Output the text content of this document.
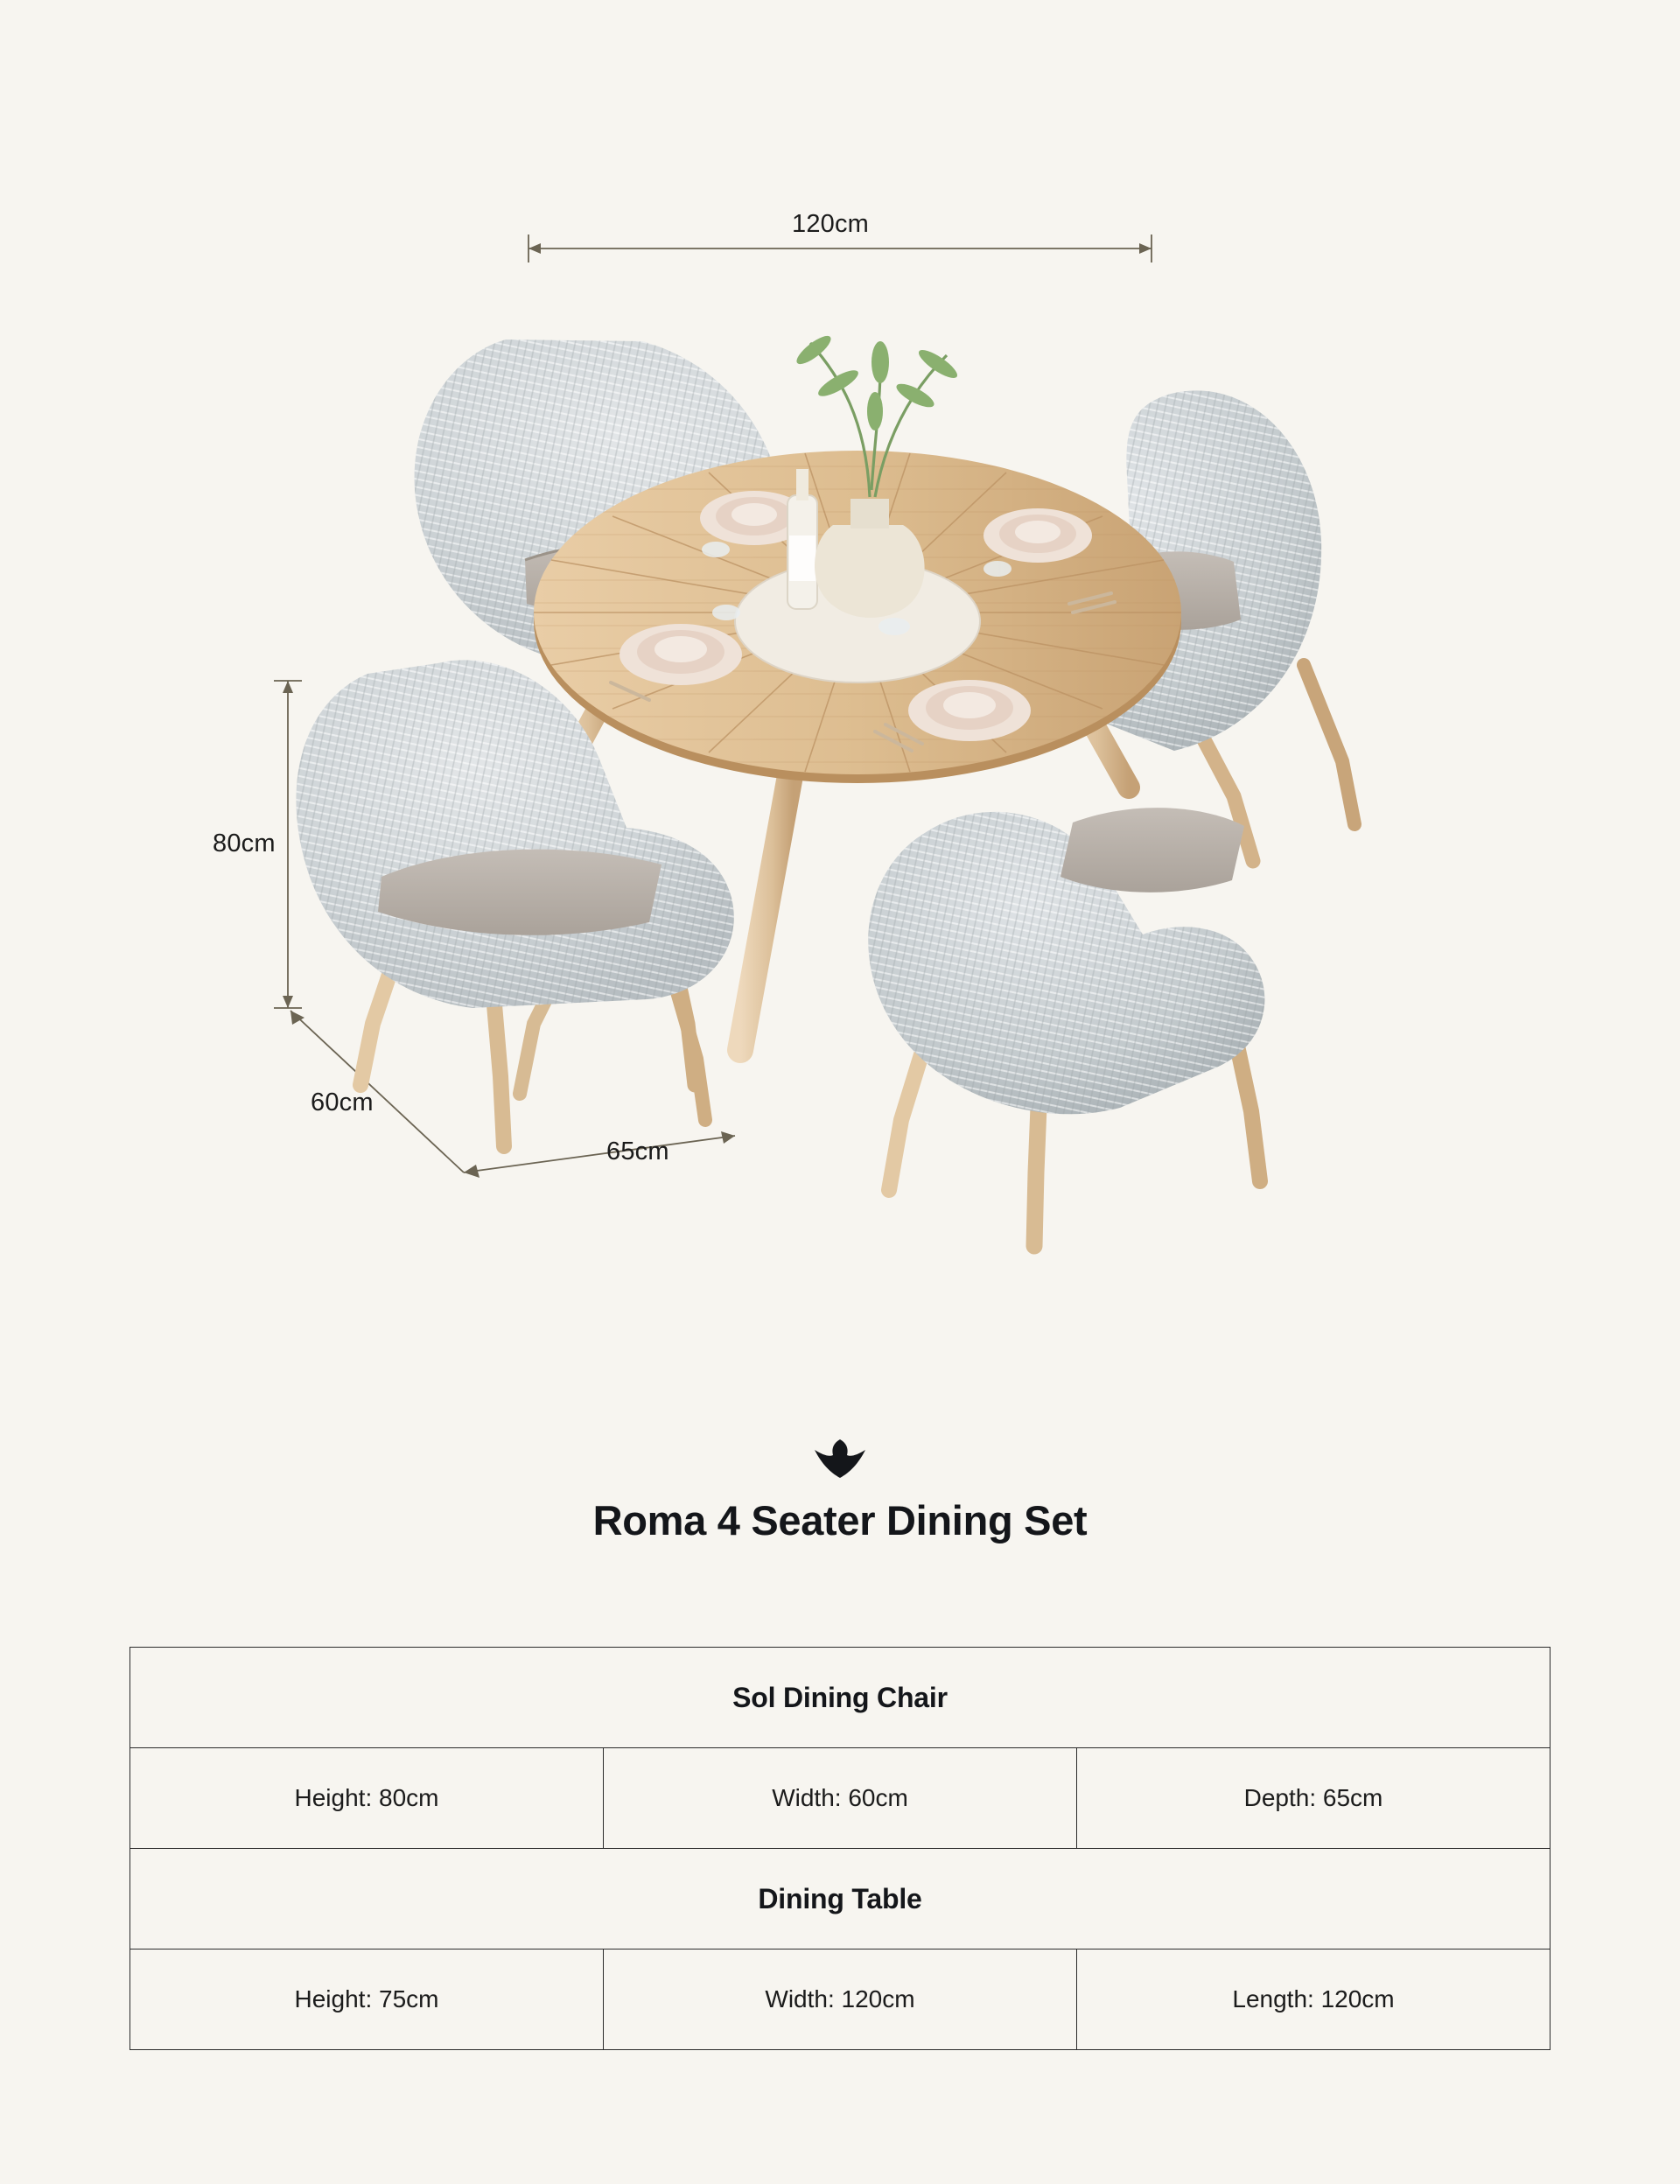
120cm
80cm
60cm
65cm
Roma 4 Seater Dining Set
Sol Dining Chair		
Height: 80cm	Width: 60cm	Depth: 65cm
Dining Table		
Height: 75cm	Width: 120cm	Length: 120cm
